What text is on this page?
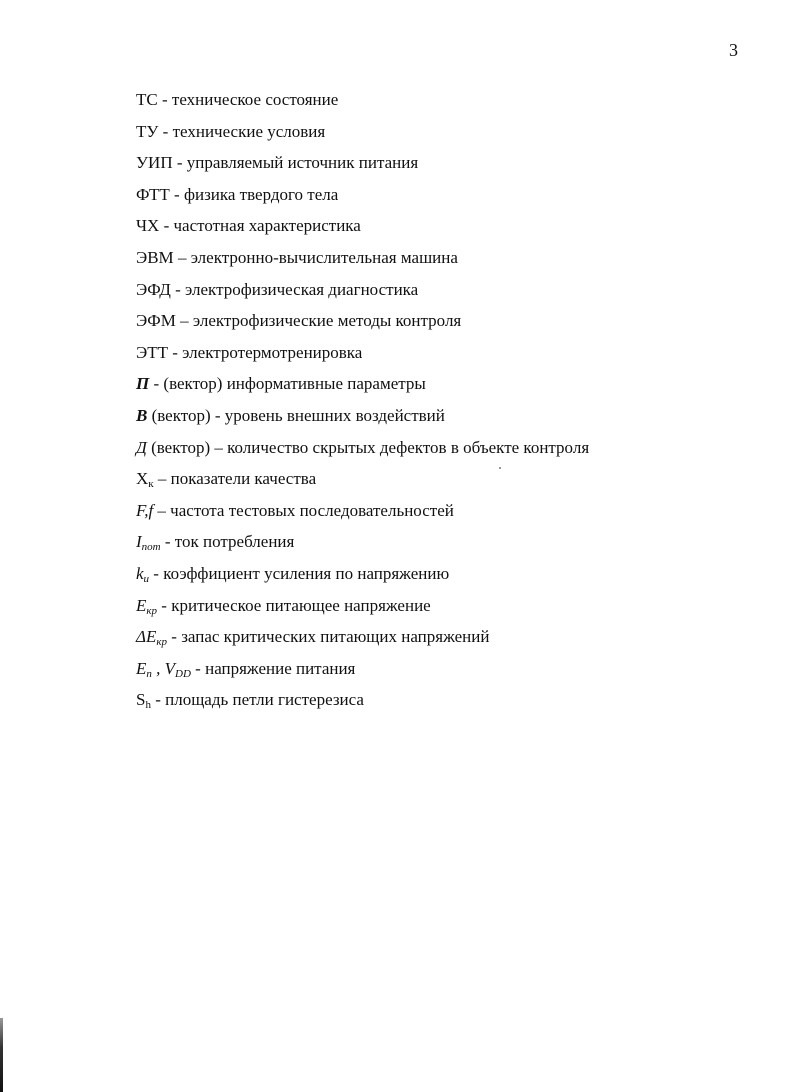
3
ТС - техническое состояние
ТУ - технические условия
УИП - управляемый источник питания
ФТТ - физика твердого тела
ЧХ - частотная характеристика
ЭВМ – электронно-вычислительная машина
ЭФД - электрофизическая диагностика
ЭФМ – электрофизические методы контроля
ЭТТ - электротермотренировка
П - (вектор) информативные параметры
В (вектор) - уровень внешних воздействий
Д (вектор) – количество скрытых дефектов в объекте контроля
$Х_к$ – показатели качества
F,f – частота тестовых последовательностей
$I_{пот}$ - ток потребления
$k_u$ - коэффициент усиления по напряжению
$E_{кр}$ - критическое питающее напряжение
$\Delta E_{кр}$ - запас критических питающих напряжений
$E_п$ , $V_{DD}$ - напряжение питания
$S_h$ - площадь петли гистерезиса
